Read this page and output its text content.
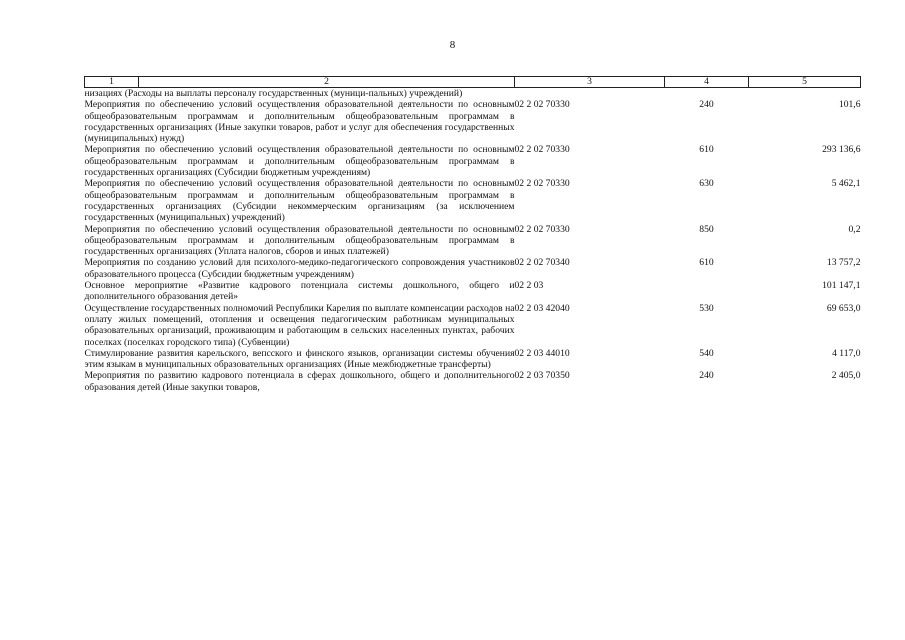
8
1	2	3	4	5
низациях (Расходы на выплаты персоналу государственных (муници-пальных) учреждений)				
Мероприятия по обеспечению условий осуществления образовательной деятельности по основным общеобразовательным программам и дополнительным общеобразовательным программам в государственных организациях (Иные закупки товаров, работ и услуг для обеспечения государственных (муниципальных) нужд)		02 2 02 70330	240	101,6
Мероприятия по обеспечению условий осуществления образовательной деятельности по основным общеобразовательным программам и дополнительным общеобразовательным программам в государственных организациях (Субсидии бюджетным учреждениям)		02 2 02 70330	610	293 136,6
Мероприятия по обеспечению условий осуществления образовательной деятельности по основным общеобразовательным программам и дополнительным общеобразовательным программам в государственных организациях (Субсидии некоммерческим организациям (за исключением государственных (муниципальных) учреждений)		02 2 02 70330	630	5 462,1
Мероприятия по обеспечению условий осуществления образовательной деятельности по основным общеобразовательным программам и дополнительным общеобразовательным программам в государственных организациях (Уплата налогов, сборов и иных платежей)		02 2 02 70330	850	0,2
Мероприятия по созданию условий для психолого-медико-педагогического сопровождения участников образовательного процесса (Субсидии бюджетным учреждениям)		02 2 02 70340	610	13 757,2
Основное мероприятие «Развитие кадрового потенциала системы дошкольного, общего и дополнительного образования детей»		02 2 03		101 147,1
Осуществление государственных полномочий Республики Карелия по выплате компенсации расходов на оплату жилых помещений, отопления и освещения педагогическим работникам муниципальных образовательных организаций, проживающим и работающим в сельских населенных пунктах, рабочих поселках (поселках городского типа) (Субвенции)		02 2 03 42040	530	69 653,0
Стимулирование развития карельского, вепсского и финского языков, организации системы обучения этим языкам в муниципальных образовательных организациях (Иные межбюджетные трансферты)		02 2 03 44010	540	4 117,0
Мероприятия по развитию кадрового потенциала в сферах дошкольного, общего и дополнительного образования детей (Иные закупки товаров,		02 2 03 70350	240	2 405,0
